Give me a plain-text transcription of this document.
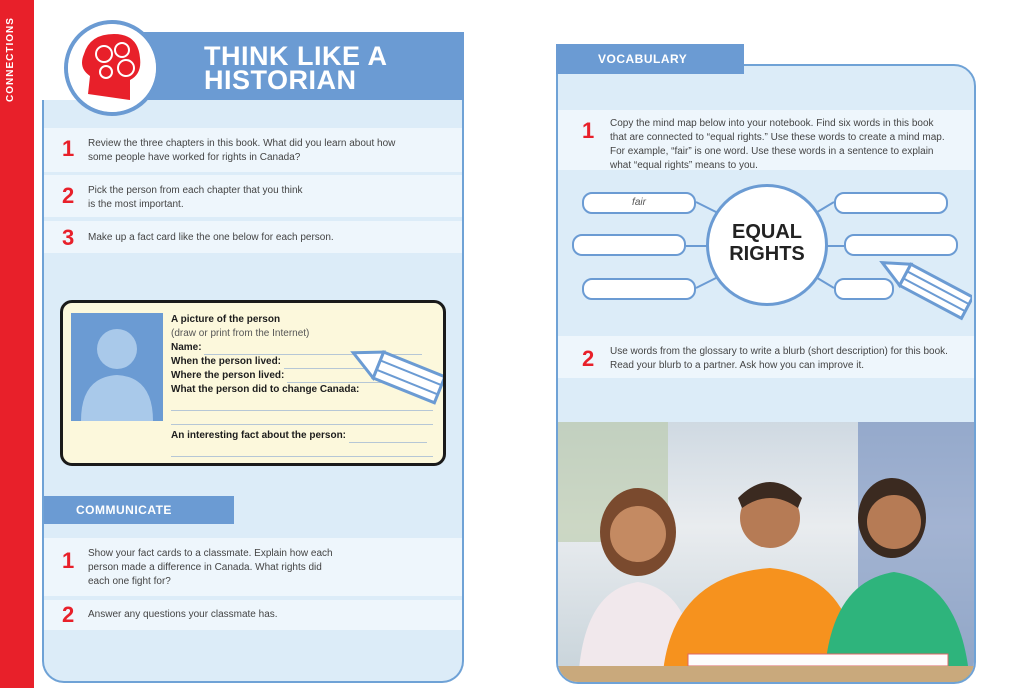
CONNECTIONS	THINK LIKE A
HISTORIAN
1 Review the three chapters in this book. What did you learn about how some people have worked for rights in Canada?
2 Pick the person from each chapter that you think is the most important.
3 Make up a fact card like the one below for each person.
A picture of the person
(draw or print from the Internet)
Name:
When the person lived:
Where the person lived:
What the person did to change Canada:
An interesting fact about the person:
COMMUNICATE
1 Show your fact cards to a classmate. Explain how each person made a difference in Canada. What rights did each one fight for?
2 Answer any questions your classmate has.
1 Copy the mind map below into your notebook. Find six words in this book that are connected to “equal rights.” Use these words to create a mind map. For example, “fair” is one word. Use these words in a sentence to explain what “equal rights” means to you.
fair
EQUAL
RIGHTS
2 Use words from the glossary to write a blurb (short description) for this book. Read your blurb to a partner. Ask how you can improve it.
VOCABULARY
